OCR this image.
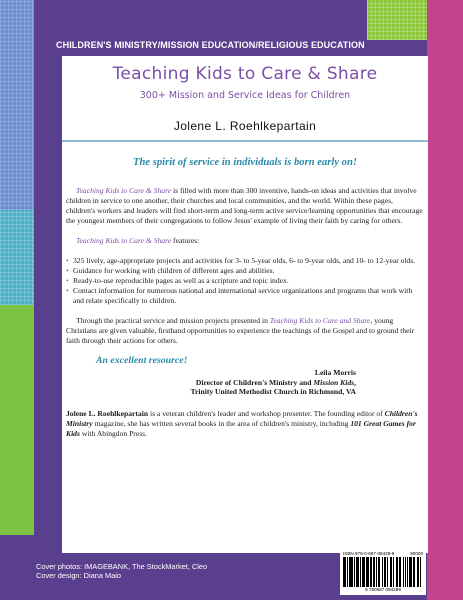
CHILDREN'S MINISTRY/MISSION EDUCATION/RELIGIOUS EDUCATION
Teaching Kids to Care & Share
300+ Mission and Service Ideas for Children
Jolene L. Roehlkepartain
The spirit of service in individuals is born early on!

Teaching Kids to Care & Share is filled with more than 300 inventive, hands-on ideas and activities that involve children in service to one another, their churches and local communities, and the world. Within these pages, children's workers and leaders will find short-term and long-term active service/learning opportunities that encourage the youngest members of their congregations to follow Jesus' example of living their faith by caring for others.

Teaching Kids to Care & Share features:

• 325 lively, age-appropriate projects and activities for 3- to 5-year olds, 6- to 9-year olds, and 10- to 12-year olds.
• Guidance for working with children of different ages and abilities.
• Ready-to-use reproducible pages as well as a scripture and topic index.
• Contact information for numerous national and international service organizations and programs that work with and relate specifically to children.

Through the practical service and mission projects presented in Teaching Kids to Care and Share, young Christians are given valuable, firsthand opportunities to experience the teachings of the Gospel and to ground their faith through their actions for others.

An excellent resource!
Leila Morris
Director of Children's Ministry and Mission Kids,
Trinity United Methodist Church in Richmond, VA

Jolene L. Roehlkepartain is a veteran children's leader and workshop presenter. The founding editor of Children's Ministry magazine, she has written several books in the area of children's ministry, including 101 Great Games for Kids with Abingdon Press.

Cover photos: IMAGEBANK, The StockMarket, Cleo
Cover design: Diana Maio
ABINGDON PRESS
ISBN 978-0-687-08428-9	90000
9 780687 084289
